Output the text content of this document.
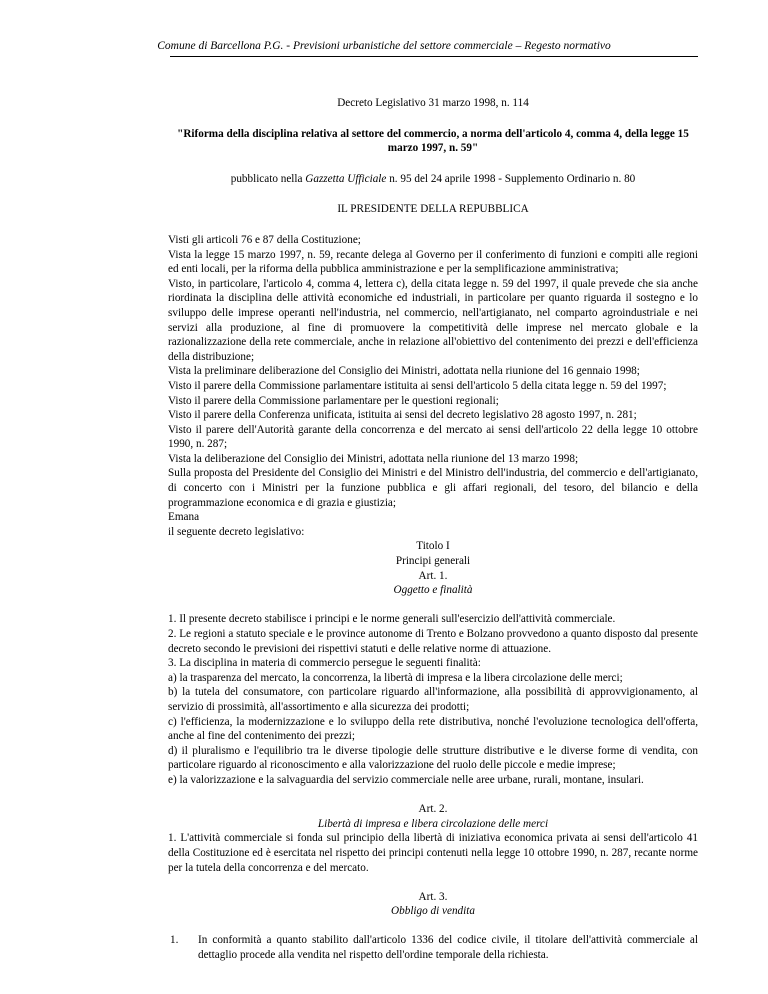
Comune di Barcellona P.G. - Previsioni urbanistiche del settore commerciale – Regesto normativo

Decreto Legislativo 31 marzo 1998, n. 114

"Riforma della disciplina relativa al settore del commercio, a norma dell'articolo 4, comma 4, della legge 15 marzo 1997, n. 59"

pubblicato nella Gazzetta Ufficiale n. 95 del 24 aprile 1998 - Supplemento Ordinario n. 80

IL PRESIDENTE DELLA REPUBBLICA

Visti gli articoli 76 e 87 della Costituzione;

Vista la legge 15 marzo 1997, n. 59, recante delega al Governo per il conferimento di funzioni e compiti alle regioni ed enti locali, per la riforma della pubblica amministrazione e per la semplificazione amministrativa;

Visto, in particolare, l'articolo 4, comma 4, lettera c), della citata legge n. 59 del 1997, il quale prevede che sia anche riordinata la disciplina delle attività economiche ed industriali, in particolare per quanto riguarda il sostegno e lo sviluppo delle imprese operanti nell'industria, nel commercio, nell'artigianato, nel comparto agroindustriale e nei servizi alla produzione, al fine di promuovere la competitività delle imprese nel mercato globale e la razionalizzazione della rete commerciale, anche in relazione all'obiettivo del contenimento dei prezzi e dell'efficienza della distribuzione;

Vista la preliminare deliberazione del Consiglio dei Ministri, adottata nella riunione del 16 gennaio 1998;

Visto il parere della Commissione parlamentare istituita ai sensi dell'articolo 5 della citata legge n. 59 del 1997;

Visto il parere della Commissione parlamentare per le questioni regionali;

Visto il parere della Conferenza unificata, istituita ai sensi del decreto legislativo 28 agosto 1997, n. 281;

Visto il parere dell'Autorità garante della concorrenza e del mercato ai sensi dell'articolo 22 della legge 10 ottobre 1990, n. 287;

Vista la deliberazione del Consiglio dei Ministri, adottata nella riunione del 13 marzo 1998;

Sulla proposta del Presidente del Consiglio dei Ministri e del Ministro dell'industria, del commercio e dell'artigianato, di concerto con i Ministri per la funzione pubblica e gli affari regionali, del tesoro, del bilancio e della programmazione economica e di grazia e giustizia;

Emana

il seguente decreto legislativo:

Titolo I

Principi generali

Art. 1.

Oggetto e finalità

1. Il presente decreto stabilisce i principi e le norme generali sull'esercizio dell'attività commerciale.

2. Le regioni a statuto speciale e le province autonome di Trento e Bolzano provvedono a quanto disposto dal presente decreto secondo le previsioni dei rispettivi statuti e delle relative norme di attuazione.

3. La disciplina in materia di commercio persegue le seguenti finalità:

a) la trasparenza del mercato, la concorrenza, la libertà di impresa e la libera circolazione delle merci;

b) la tutela del consumatore, con particolare riguardo all'informazione, alla possibilità di approvvigionamento, al servizio di prossimità, all'assortimento e alla sicurezza dei prodotti;

c) l'efficienza, la modernizzazione e lo sviluppo della rete distributiva, nonché l'evoluzione tecnologica dell'offerta, anche al fine del contenimento dei prezzi;

d) il pluralismo e l'equilibrio tra le diverse tipologie delle strutture distributive e le diverse forme di vendita, con particolare riguardo al riconoscimento e alla valorizzazione del ruolo delle piccole e medie imprese;

e) la valorizzazione e la salvaguardia del servizio commerciale nelle aree urbane, rurali, montane, insulari.

Art. 2.

Libertà di impresa e libera circolazione delle merci

1. L'attività commerciale si fonda sul principio della libertà di iniziativa economica privata ai sensi dell'articolo 41 della Costituzione ed è esercitata nel rispetto dei principi contenuti nella legge 10 ottobre 1990, n. 287, recante norme per la tutela della concorrenza e del mercato.

Art. 3.

Obbligo di vendita

1.	In conformità a quanto stabilito dall'articolo 1336 del codice civile, il titolare dell'attività commerciale al dettaglio procede alla vendita nel rispetto dell'ordine temporale della richiesta.
